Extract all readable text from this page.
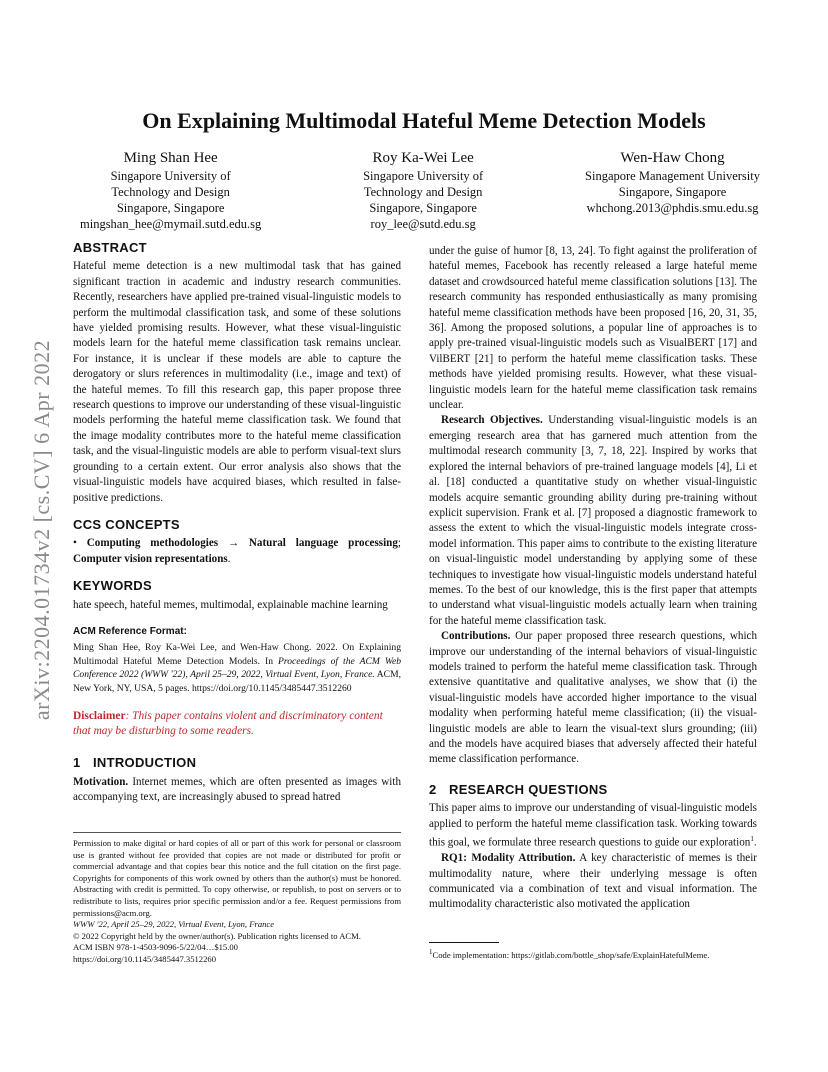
arXiv:2204.01734v2 [cs.CV] 6 Apr 2022
On Explaining Multimodal Hateful Meme Detection Models
Ming Shan Hee
Singapore University of
Technology and Design
Singapore, Singapore
mingshan_hee@mymail.sutd.edu.sg
Roy Ka-Wei Lee
Singapore University of
Technology and Design
Singapore, Singapore
roy_lee@sutd.edu.sg
Wen-Haw Chong
Singapore Management University
Singapore, Singapore
whchong.2013@phdis.smu.edu.sg
ABSTRACT

Hateful meme detection is a new multimodal task that has gained significant traction in academic and industry research communities. Recently, researchers have applied pre-trained visual-linguistic models to perform the multimodal classification task, and some of these solutions have yielded promising results. However, what these visual-linguistic models learn for the hateful meme classification task remains unclear. For instance, it is unclear if these models are able to capture the derogatory or slurs references in multimodality (i.e., image and text) of the hateful memes. To fill this research gap, this paper propose three research questions to improve our understanding of these visual-linguistic models performing the hateful meme classification task. We found that the image modality contributes more to the hateful meme classification task, and the visual-linguistic models are able to perform visual-text slurs grounding to a certain extent. Our error analysis also shows that the visual-linguistic models have acquired biases, which resulted in false-positive predictions.

CCS CONCEPTS

• Computing methodologies → Natural language processing; Computer vision representations.

KEYWORDS

hate speech, hateful memes, multimodal, explainable machine learning

ACM Reference Format:

Ming Shan Hee, Roy Ka-Wei Lee, and Wen-Haw Chong. 2022. On Explaining Multimodal Hateful Meme Detection Models. In Proceedings of the ACM Web Conference 2022 (WWW '22), April 25–29, 2022, Virtual Event, Lyon, France. ACM, New York, NY, USA, 5 pages. https://doi.org/10.1145/3485447.3512260

Disclaimer: This paper contains violent and discriminatory content that may be disturbing to some readers.

1 INTRODUCTION

Motivation. Internet memes, which are often presented as images with accompanying text, are increasingly abused to spread hatred

Permission to make digital or hard copies of all or part of this work for personal or classroom use is granted without fee provided that copies are not made or distributed for profit or commercial advantage and that copies bear this notice and the full citation on the first page. Copyrights for components of this work owned by others than the author(s) must be honored. Abstracting with credit is permitted. To copy otherwise, or republish, to post on servers or to redistribute to lists, requires prior specific permission and/or a fee. Request permissions from permissions@acm.org.

WWW '22, April 25–29, 2022, Virtual Event, Lyon, France

© 2022 Copyright held by the owner/author(s). Publication rights licensed to ACM.

ACM ISBN 978-1-4503-9096-5/22/04…$15.00

https://doi.org/10.1145/3485447.3512260

under the guise of humor [8, 13, 24]. To fight against the proliferation of hateful memes, Facebook has recently released a large hateful meme dataset and crowdsourced hateful meme classification solutions [13]. The research community has responded enthusiastically as many promising hateful meme classification methods have been proposed [16, 20, 31, 35, 36]. Among the proposed solutions, a popular line of approaches is to apply pre-trained visual-linguistic models such as VisualBERT [17] and VilBERT [21] to perform the hateful meme classification tasks. These methods have yielded promising results. However, what these visual-linguistic models learn for the hateful meme classification task remains unclear.

Research Objectives. Understanding visual-linguistic models is an emerging research area that has garnered much attention from the multimodal research community [3, 7, 18, 22]. Inspired by works that explored the internal behaviors of pre-trained language models [4], Li et al. [18] conducted a quantitative study on whether visual-linguistic models acquire semantic grounding ability during pre-training without explicit supervision. Frank et al. [7] proposed a diagnostic framework to assess the extent to which the visual-linguistic models integrate cross-model information. This paper aims to contribute to the existing literature on visual-linguistic model understanding by applying some of these techniques to investigate how visual-linguistic models understand hateful memes. To the best of our knowledge, this is the first paper that attempts to understand what visual-linguistic models actually learn when training for the hateful meme classification task.

Contributions. Our paper proposed three research questions, which improve our understanding of the internal behaviors of visual-linguistic models trained to perform the hateful meme classification task. Through extensive quantitative and qualitative analyses, we show that (i) the visual-linguistic models have accorded higher importance to the visual modality when performing hateful meme classification; (ii) the visual-linguistic models are able to learn the visual-text slurs grounding; (iii) and the models have acquired biases that adversely affected their hateful meme classification performance.

2 RESEARCH QUESTIONS

This paper aims to improve our understanding of visual-linguistic models applied to perform the hateful meme classification task. Working towards this goal, we formulate three research questions to guide our exploration$^1$.

RQ1: Modality Attribution. A key characteristic of memes is their multimodality nature, where their underlying message is often communicated via a combination of text and visual information. The multimodality characteristic also motivated the application

$^1$Code implementation: https://gitlab.com/bottle_shop/safe/ExplainHatefulMeme.
